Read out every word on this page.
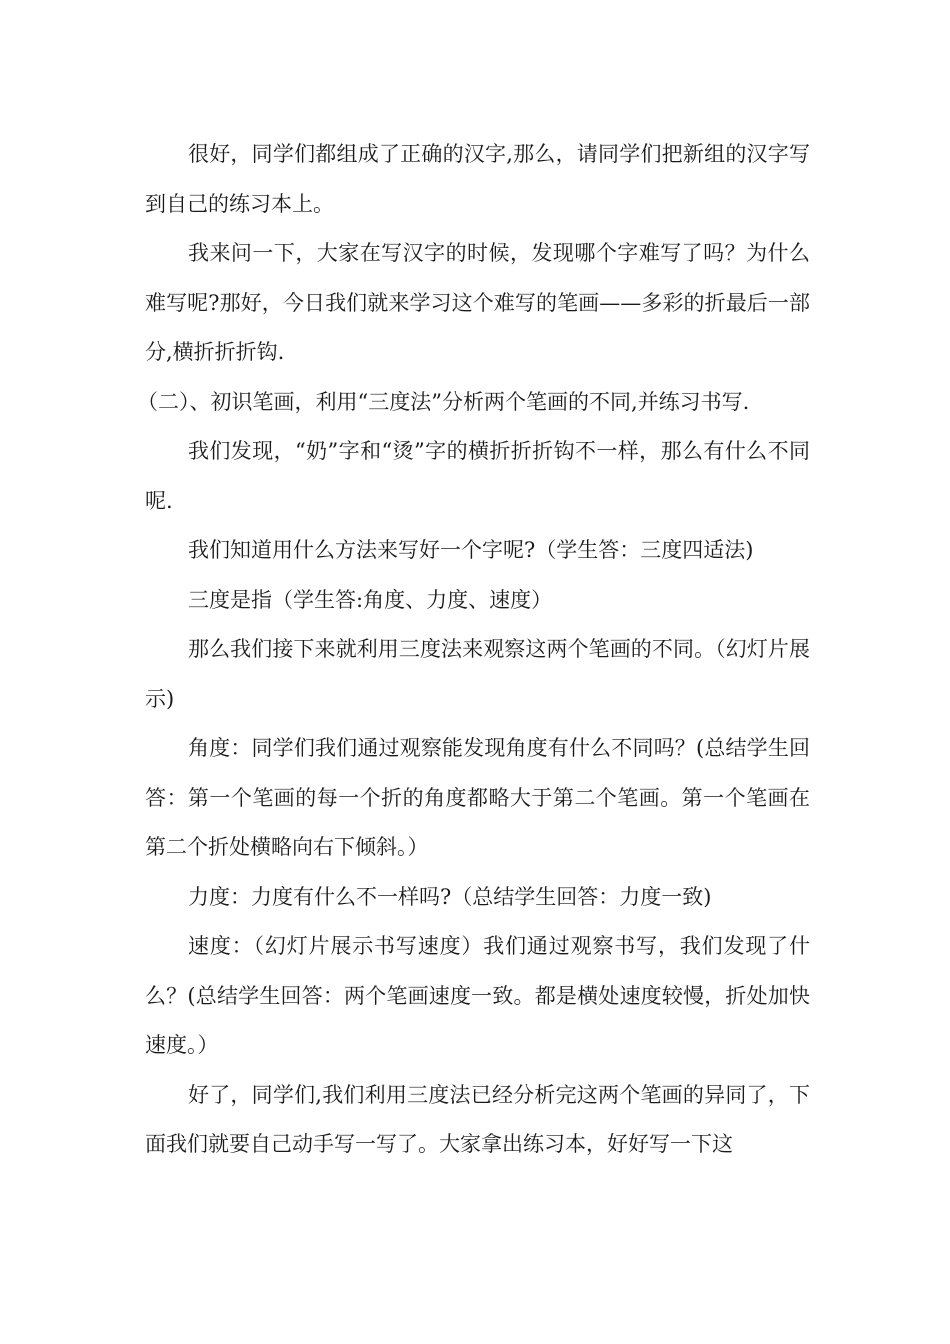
很好，同学们都组成了正确的汉字,那么，请同学们把新组的汉字写到自己的练习本上。

我来问一下，大家在写汉字的时候，发现哪个字难写了吗？为什么难写呢?那好，今日我们就来学习这个难写的笔画——多彩的折最后一部分,横折折折钩.

（二）、初识笔画，利用“三度法”分析两个笔画的不同,并练习书写.

我们发现，“奶”字和“烫”字的横折折折钩不一样，那么有什么不同呢.

我们知道用什么方法来写好一个字呢?（学生答：三度四适法)

三度是指（学生答:角度、力度、速度）

那么我们接下来就利用三度法来观察这两个笔画的不同。（幻灯片展示)

角度：同学们我们通过观察能发现角度有什么不同吗？(总结学生回答：第一个笔画的每一个折的角度都略大于第二个笔画。第一个笔画在第二个折处横略向右下倾斜。）

力度：力度有什么不一样吗?（总结学生回答：力度一致)

速度：（幻灯片展示书写速度）我们通过观察书写，我们发现了什么？(总结学生回答：两个笔画速度一致。都是横处速度较慢，折处加快速度。）

好了，同学们,我们利用三度法已经分析完这两个笔画的异同了，下面我们就要自己动手写一写了。大家拿出练习本，好好写一下这
